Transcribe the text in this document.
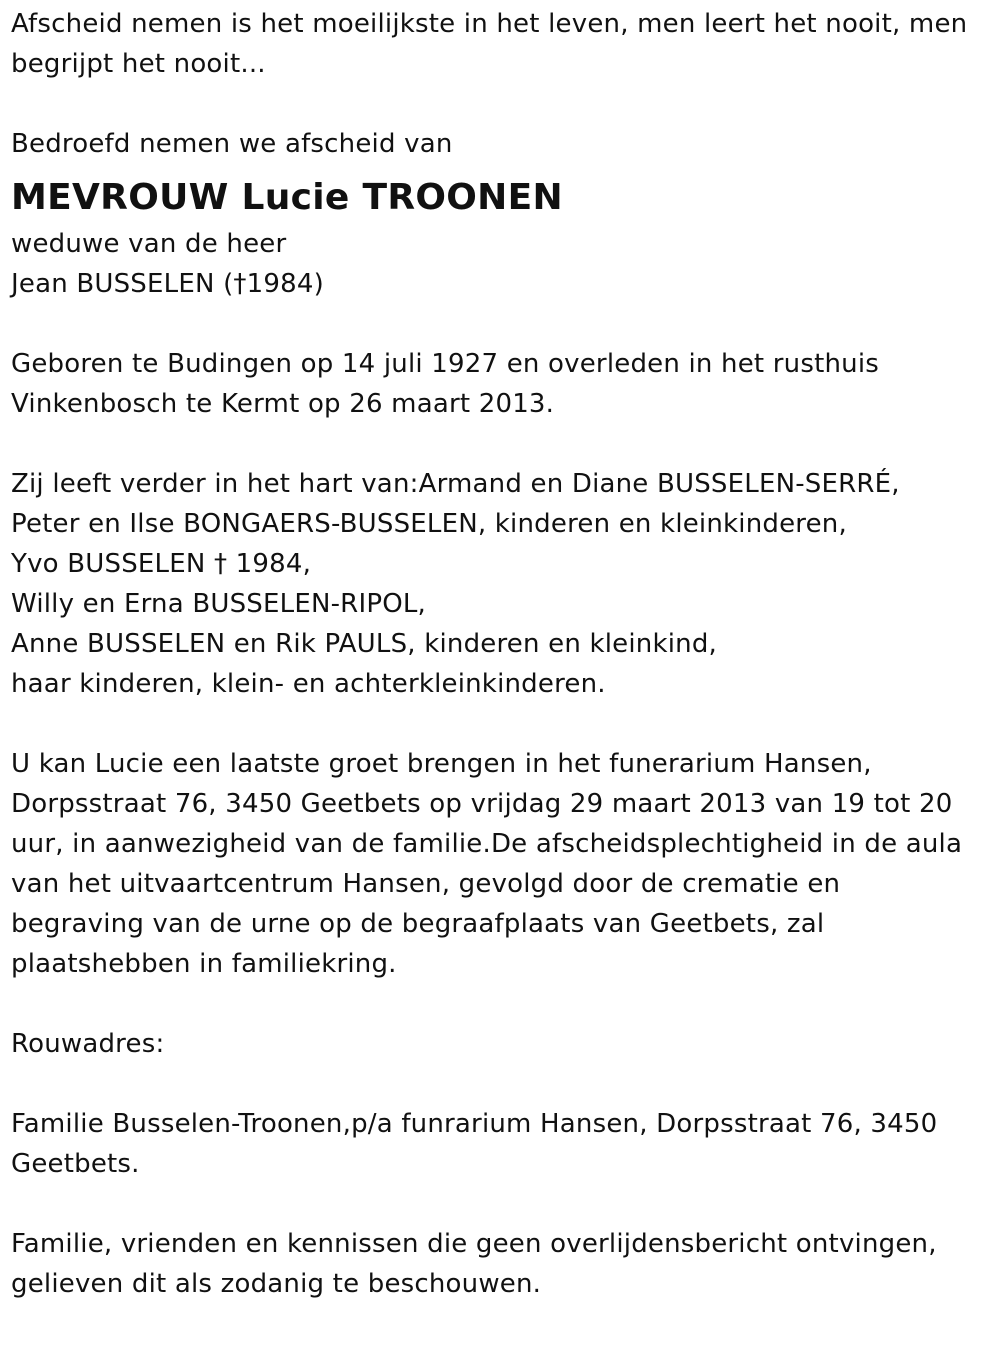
Afscheid nemen is het moeilijkste in het leven, men leert het nooit, men
begrijpt het nooit...
Bedroefd nemen we afscheid van
MEVROUW Lucie TROONEN
weduwe van de heer
Jean BUSSELEN (†1984)
Geboren te Budingen op 14 juli 1927 en overleden in het rusthuis
Vinkenbosch te Kermt op 26 maart 2013.
Zij leeft verder in het hart van:Armand en Diane BUSSELEN-SERRÉ,
Peter en Ilse BONGAERS-BUSSELEN, kinderen en kleinkinderen,
Yvo BUSSELEN † 1984,
Willy en Erna BUSSELEN-RIPOL,
Anne BUSSELEN en Rik PAULS, kinderen en kleinkind,
haar kinderen, klein- en achterkleinkinderen.
U kan Lucie een laatste groet brengen in het funerarium Hansen,
Dorpsstraat 76, 3450 Geetbets op vrijdag 29 maart 2013 van 19 tot 20
uur, in aanwezigheid van de familie.De afscheidsplechtigheid in de aula
van het uitvaartcentrum Hansen, gevolgd door de crematie en
begraving van de urne op de begraafplaats van Geetbets, zal
plaatshebben in familiekring.
Rouwadres:
Familie Busselen-Troonen,p/a funrarium Hansen, Dorpsstraat 76, 3450
Geetbets.
Familie, vrienden en kennissen die geen overlijdensbericht ontvingen,
gelieven dit als zodanig te beschouwen.
